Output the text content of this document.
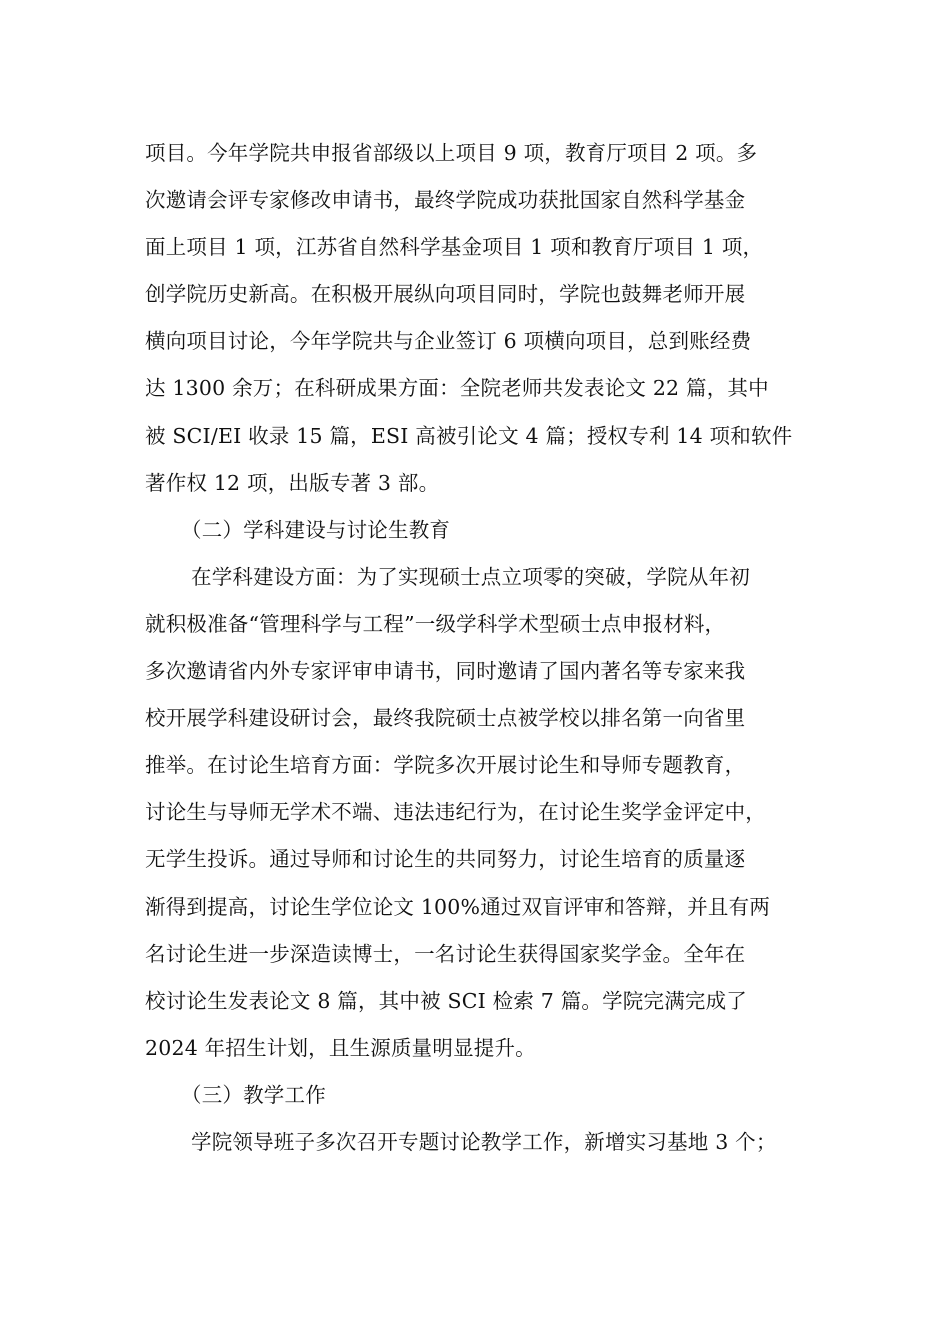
项目。今年学院共申报省部级以上项目 9 项，教育厅项目 2 项。多
次邀请会评专家修改申请书，最终学院成功获批国家自然科学基金
面上项目 1 项，江苏省自然科学基金项目 1 项和教育厅项目 1 项，
创学院历史新高。在积极开展纵向项目同时，学院也鼓舞老师开展
横向项目讨论，今年学院共与企业签订 6 项横向项目，总到账经费
达 1300 余万；在科研成果方面：全院老师共发表论文 22 篇，其中
被 SCI/EI 收录 15 篇，ESI 高被引论文 4 篇；授权专利 14 项和软件
著作权 12 项，出版专著 3 部。
（二）学科建设与讨论生教育
在学科建设方面：为了实现硕士点立项零的突破，学院从年初
就积极准备“管理科学与工程”一级学科学术型硕士点申报材料，
多次邀请省内外专家评审申请书，同时邀请了国内著名等专家来我
校开展学科建设研讨会，最终我院硕士点被学校以排名第一向省里
推举。在讨论生培育方面：学院多次开展讨论生和导师专题教育，
讨论生与导师无学术不端、违法违纪行为，在讨论生奖学金评定中，
无学生投诉。通过导师和讨论生的共同努力，讨论生培育的质量逐
渐得到提高，讨论生学位论文 100%通过双盲评审和答辩，并且有两
名讨论生进一步深造读博士，一名讨论生获得国家奖学金。全年在
校讨论生发表论文 8 篇，其中被 SCI 检索 7 篇。学院完满完成了
2024 年招生计划，且生源质量明显提升。
（三）教学工作
学院领导班子多次召开专题讨论教学工作，新增实习基地 3 个；
